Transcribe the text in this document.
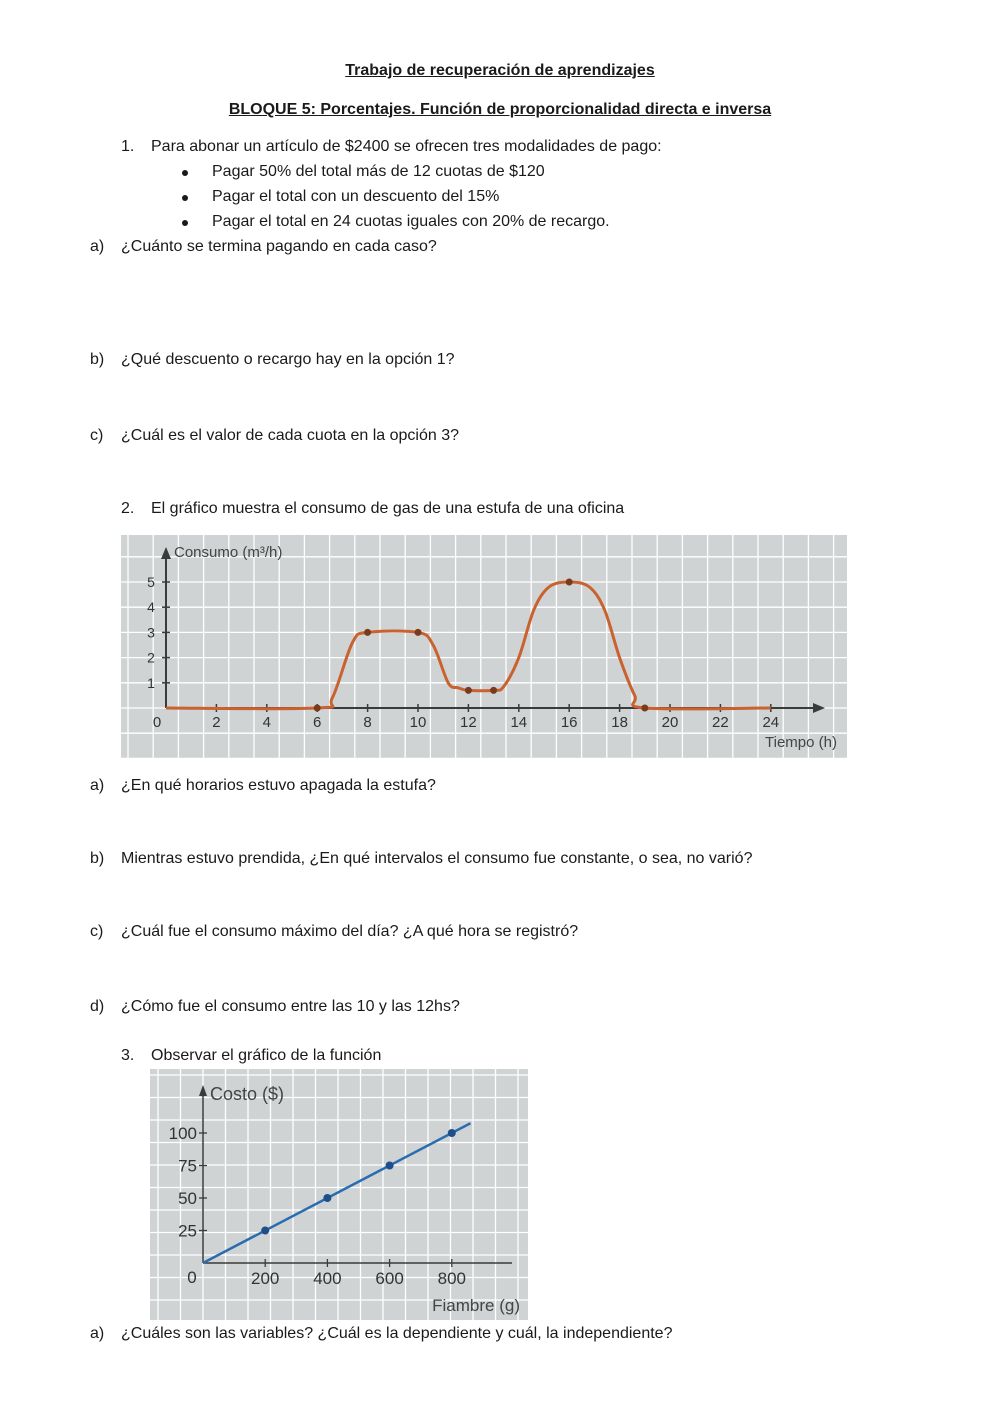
Trabajo de recuperación de aprendizajes
BLOQUE 5: Porcentajes. Función de proporcionalidad directa e inversa
1.	Para abonar un artículo de $2400 se ofrecen tres modalidades de pago:
Pagar 50% del total más de 12 cuotas de $120
Pagar el total con un descuento del 15%
Pagar el total en 24 cuotas iguales con 20% de recargo.
a) ¿Cuánto se termina pagando en cada caso?
b) ¿Qué descuento o recargo hay en la opción 1?
c) ¿Cuál es el valor de cada cuota en la opción 3?
2.	El gráfico muestra el consumo de gas de una estufa de una oficina
2	4	6	8	10 12 14 16 18 20 22 24
1
2
3
4
5
0
Consumo (m³/h)
Tiempo (h)
a) ¿En qué horarios estuvo apagada la estufa?
b) Mientras estuvo prendida, ¿En qué intervalos el consumo fue constante, o sea, no varió?
c) ¿Cuál fue el consumo máximo del día? ¿A qué hora se registró?
d) ¿Cómo fue el consumo entre las 10 y las 12hs?
3.	Observar el gráfico de la función
200 400 600 800
25
50
75
100
0
Costo ($)
Fiambre (g)
a) ¿Cuáles son las variables? ¿Cuál es la dependiente y cuál, la independiente?
